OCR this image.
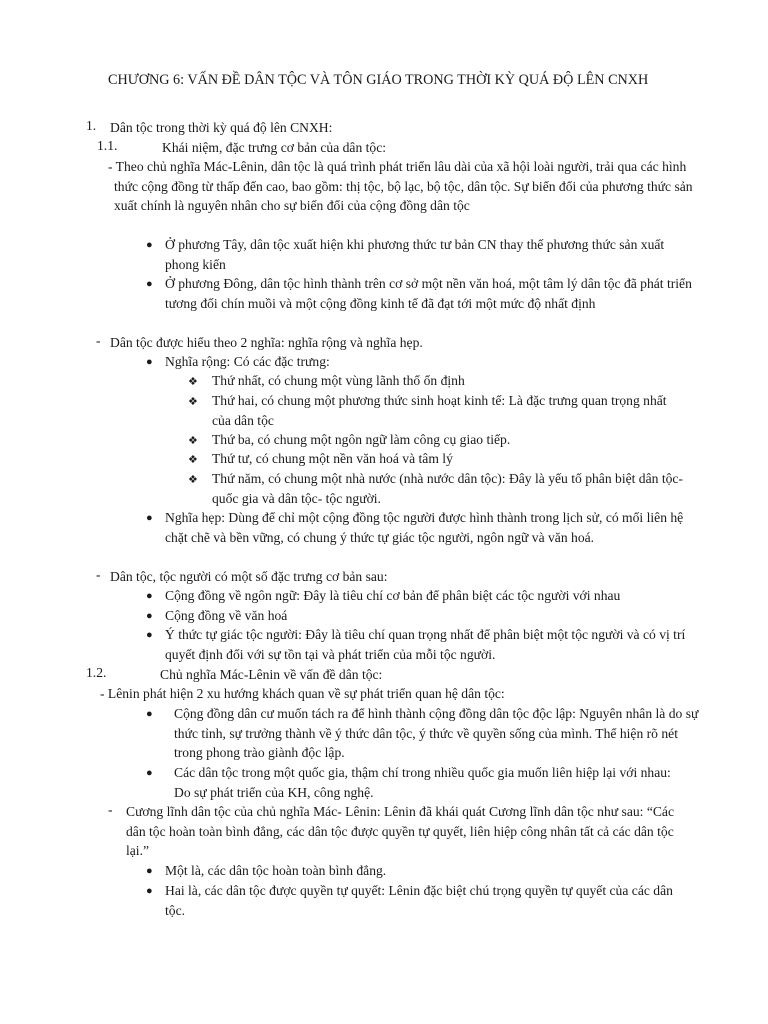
CHƯƠNG 6: VẤN ĐỀ DÂN TỘC VÀ TÔN GIÁO TRONG THỜI KỲ QUÁ ĐỘ LÊN CNXH
1. Dân tộc trong thời kỳ quá độ lên CNXH:
1.1.	Khái niệm, đặc trưng cơ bản của dân tộc:
- Theo chủ nghĩa Mác-Lênin, dân tộc là quá trình phát triển lâu dài của xã hội loài người, trải qua các hình thức cộng đồng từ thấp đến cao, bao gồm: thị tộc, bộ lạc, bộ tộc, dân tộc. Sự biến đổi của phương thức sản xuất chính là nguyên nhân cho sự biến đổi của cộng đồng dân tộc
● Ở phương Tây, dân tộc xuất hiện khi phương thức tư bản CN thay thế phương thức sản xuất phong kiến
● Ở phương Đông, dân tộc hình thành trên cơ sở một nền văn hoá, một tâm lý dân tộc đã phát triển tương đối chín muồi và một cộng đồng kinh tế đã đạt tới một mức độ nhất định
- Dân tộc được hiểu theo 2 nghĩa: nghĩa rộng và nghĩa hẹp.
● Nghĩa rộng: Có các đặc trưng:
❖ Thứ nhất, có chung một vùng lãnh thổ ổn định
❖ Thứ hai, có chung một phương thức sinh hoạt kinh tế: Là đặc trưng quan trọng nhất của dân tộc
❖ Thứ ba, có chung một ngôn ngữ làm công cụ giao tiếp.
❖ Thứ tư, có chung một nền văn hoá và tâm lý
❖ Thứ năm, có chung một nhà nước (nhà nước dân tộc): Đây là yếu tố phân biệt dân tộc- quốc gia và dân tộc- tộc người.
● Nghĩa hẹp: Dùng để chỉ một cộng đồng tộc người được hình thành trong lịch sử, có mối liên hệ chặt chẽ và bền vững, có chung ý thức tự giác tộc người, ngôn ngữ và văn hoá.
- Dân tộc, tộc người có một số đặc trưng cơ bản sau:
● Cộng đồng về ngôn ngữ: Đây là tiêu chí cơ bản để phân biệt các tộc người với nhau
● Cộng đồng về văn hoá
● Ý thức tự giác tộc người: Đây là tiêu chí quan trọng nhất để phân biệt một tộc người và có vị trí quyết định đối với sự tồn tại và phát triển của mỗi tộc người.
1.2.	Chủ nghĩa Mác-Lênin về vấn đề dân tộc:
- Lênin phát hiện 2 xu hướng khách quan về sự phát triển quan hệ dân tộc:
● Cộng đồng dân cư muốn tách ra để hình thành cộng đồng dân tộc độc lập: Nguyên nhân là do sự thức tỉnh, sự trưởng thành về ý thức dân tộc, ý thức về quyền sống của mình. Thể hiện rõ nét trong phong trào giành độc lập.
● Các dân tộc trong một quốc gia, thậm chí trong nhiều quốc gia muốn liên hiệp lại với nhau: Do sự phát triển của KH, công nghệ.
- Cương lĩnh dân tộc của chủ nghĩa Mác- Lênin: Lênin đã khái quát Cương lĩnh dân tộc như sau: “Các dân tộc hoàn toàn bình đẳng, các dân tộc được quyền tự quyết, liên hiệp công nhân tất cả các dân tộc lại.”
● Một là, các dân tộc hoàn toàn bình đẳng.
● Hai là, các dân tộc được quyền tự quyết: Lênin đặc biệt chú trọng quyền tự quyết của các dân tộc.
